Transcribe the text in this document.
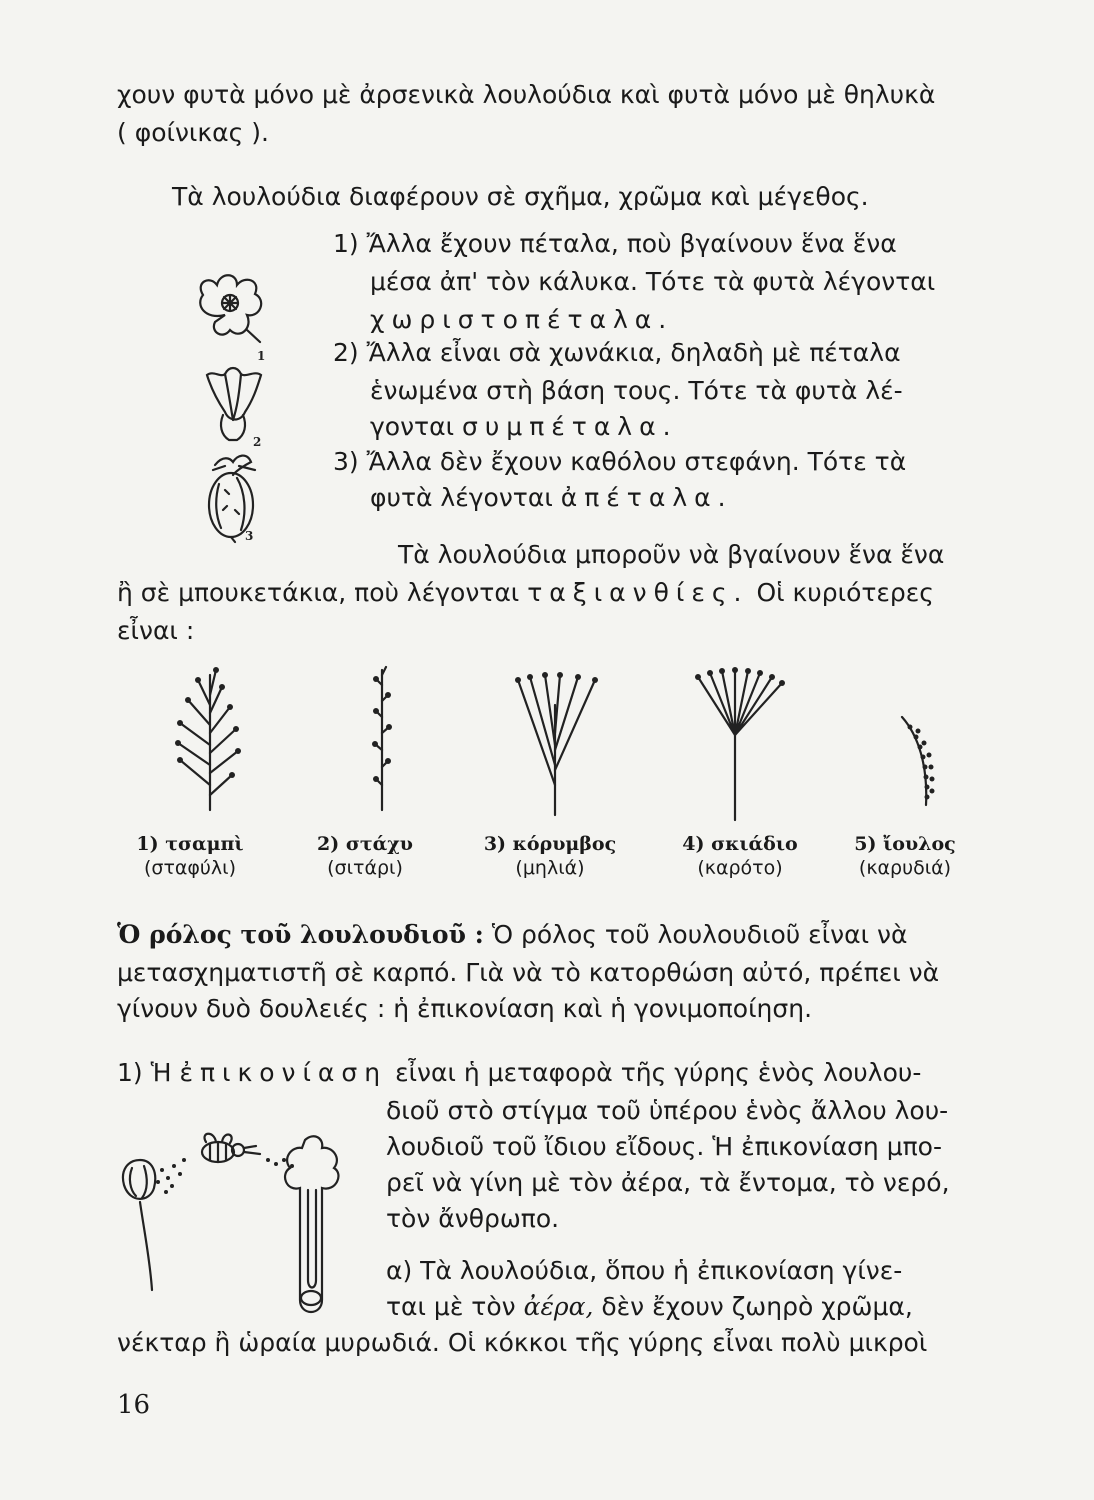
χουν φυτὰ μόνο μὲ ἀρσενικὰ λουλούδια καὶ φυτὰ μόνο μὲ θηλυκὰ
( φοίνικας ).
Τὰ λουλούδια διαφέρουν σὲ σχῆμα, χρῶμα καὶ μέγεθος.
1) Ἄλλα ἔχουν πέταλα, ποὺ βγαίνουν ἕνα ἕνα
μέσα ἀπ' τὸν κάλυκα. Τότε τὰ φυτὰ λέγονται
χωριστοπέταλα.
2) Ἄλλα εἶναι σὰ χωνάκια, δηλαδὴ μὲ πέταλα
ἑνωμένα στὴ βάση τους. Τότε τὰ φυτὰ λέ-
γονται συμπέταλα.
3) Ἄλλα δὲν ἔχουν καθόλου στεφάνη. Τότε τὰ
φυτὰ λέγονται ἀπέταλα.
1
2
3
Τὰ λουλούδια μποροῦν νὰ βγαίνουν ἕνα ἕνα
ἢ σὲ μπουκετάκια, ποὺ λέγονται ταξιανθίες. Οἱ κυριότερες
εἶναι :
1) τσαμπὶ
(σταφύλι)
2) στάχυ
(σιτάρι)
3) κόρυμβος
(μηλιά)
4) σκιάδιο
(καρότο)
5) ἴουλος
(καρυδιά)
Ὁ ρόλος τοῦ λουλουδιοῦ : Ὁ ρόλος τοῦ λουλουδιοῦ εἶναι νὰ
μετασχηματιστῆ σὲ καρπό. Γιὰ νὰ τὸ κατορθώση αὐτό, πρέπει νὰ
γίνουν δυὸ δουλειές : ἡ ἐπικονίαση καὶ ἡ γονιμοποίηση.
1) Ἡ ἐπικονίαση εἶναι ἡ μεταφορὰ τῆς γύρης ἑνὸς λουλου-
διοῦ στὸ στίγμα τοῦ ὑπέρου ἑνὸς ἄλλου λου-
λουδιοῦ τοῦ ἴδιου εἴδους. Ἡ ἐπικονίαση μπο-
ρεῖ νὰ γίνη μὲ τὸν ἀέρα, τὰ ἔντομα, τὸ νερό,
τὸν ἄνθρωπο.
α) Τὰ λουλούδια, ὅπου ἡ ἐπικονίαση γίνε-
ται μὲ τὸν ἀέρα, δὲν ἔχουν ζωηρὸ χρῶμα,
νέκταρ ἢ ὡραία μυρωδιά. Οἱ κόκκοι τῆς γύρης εἶναι πολὺ μικροὶ
16
